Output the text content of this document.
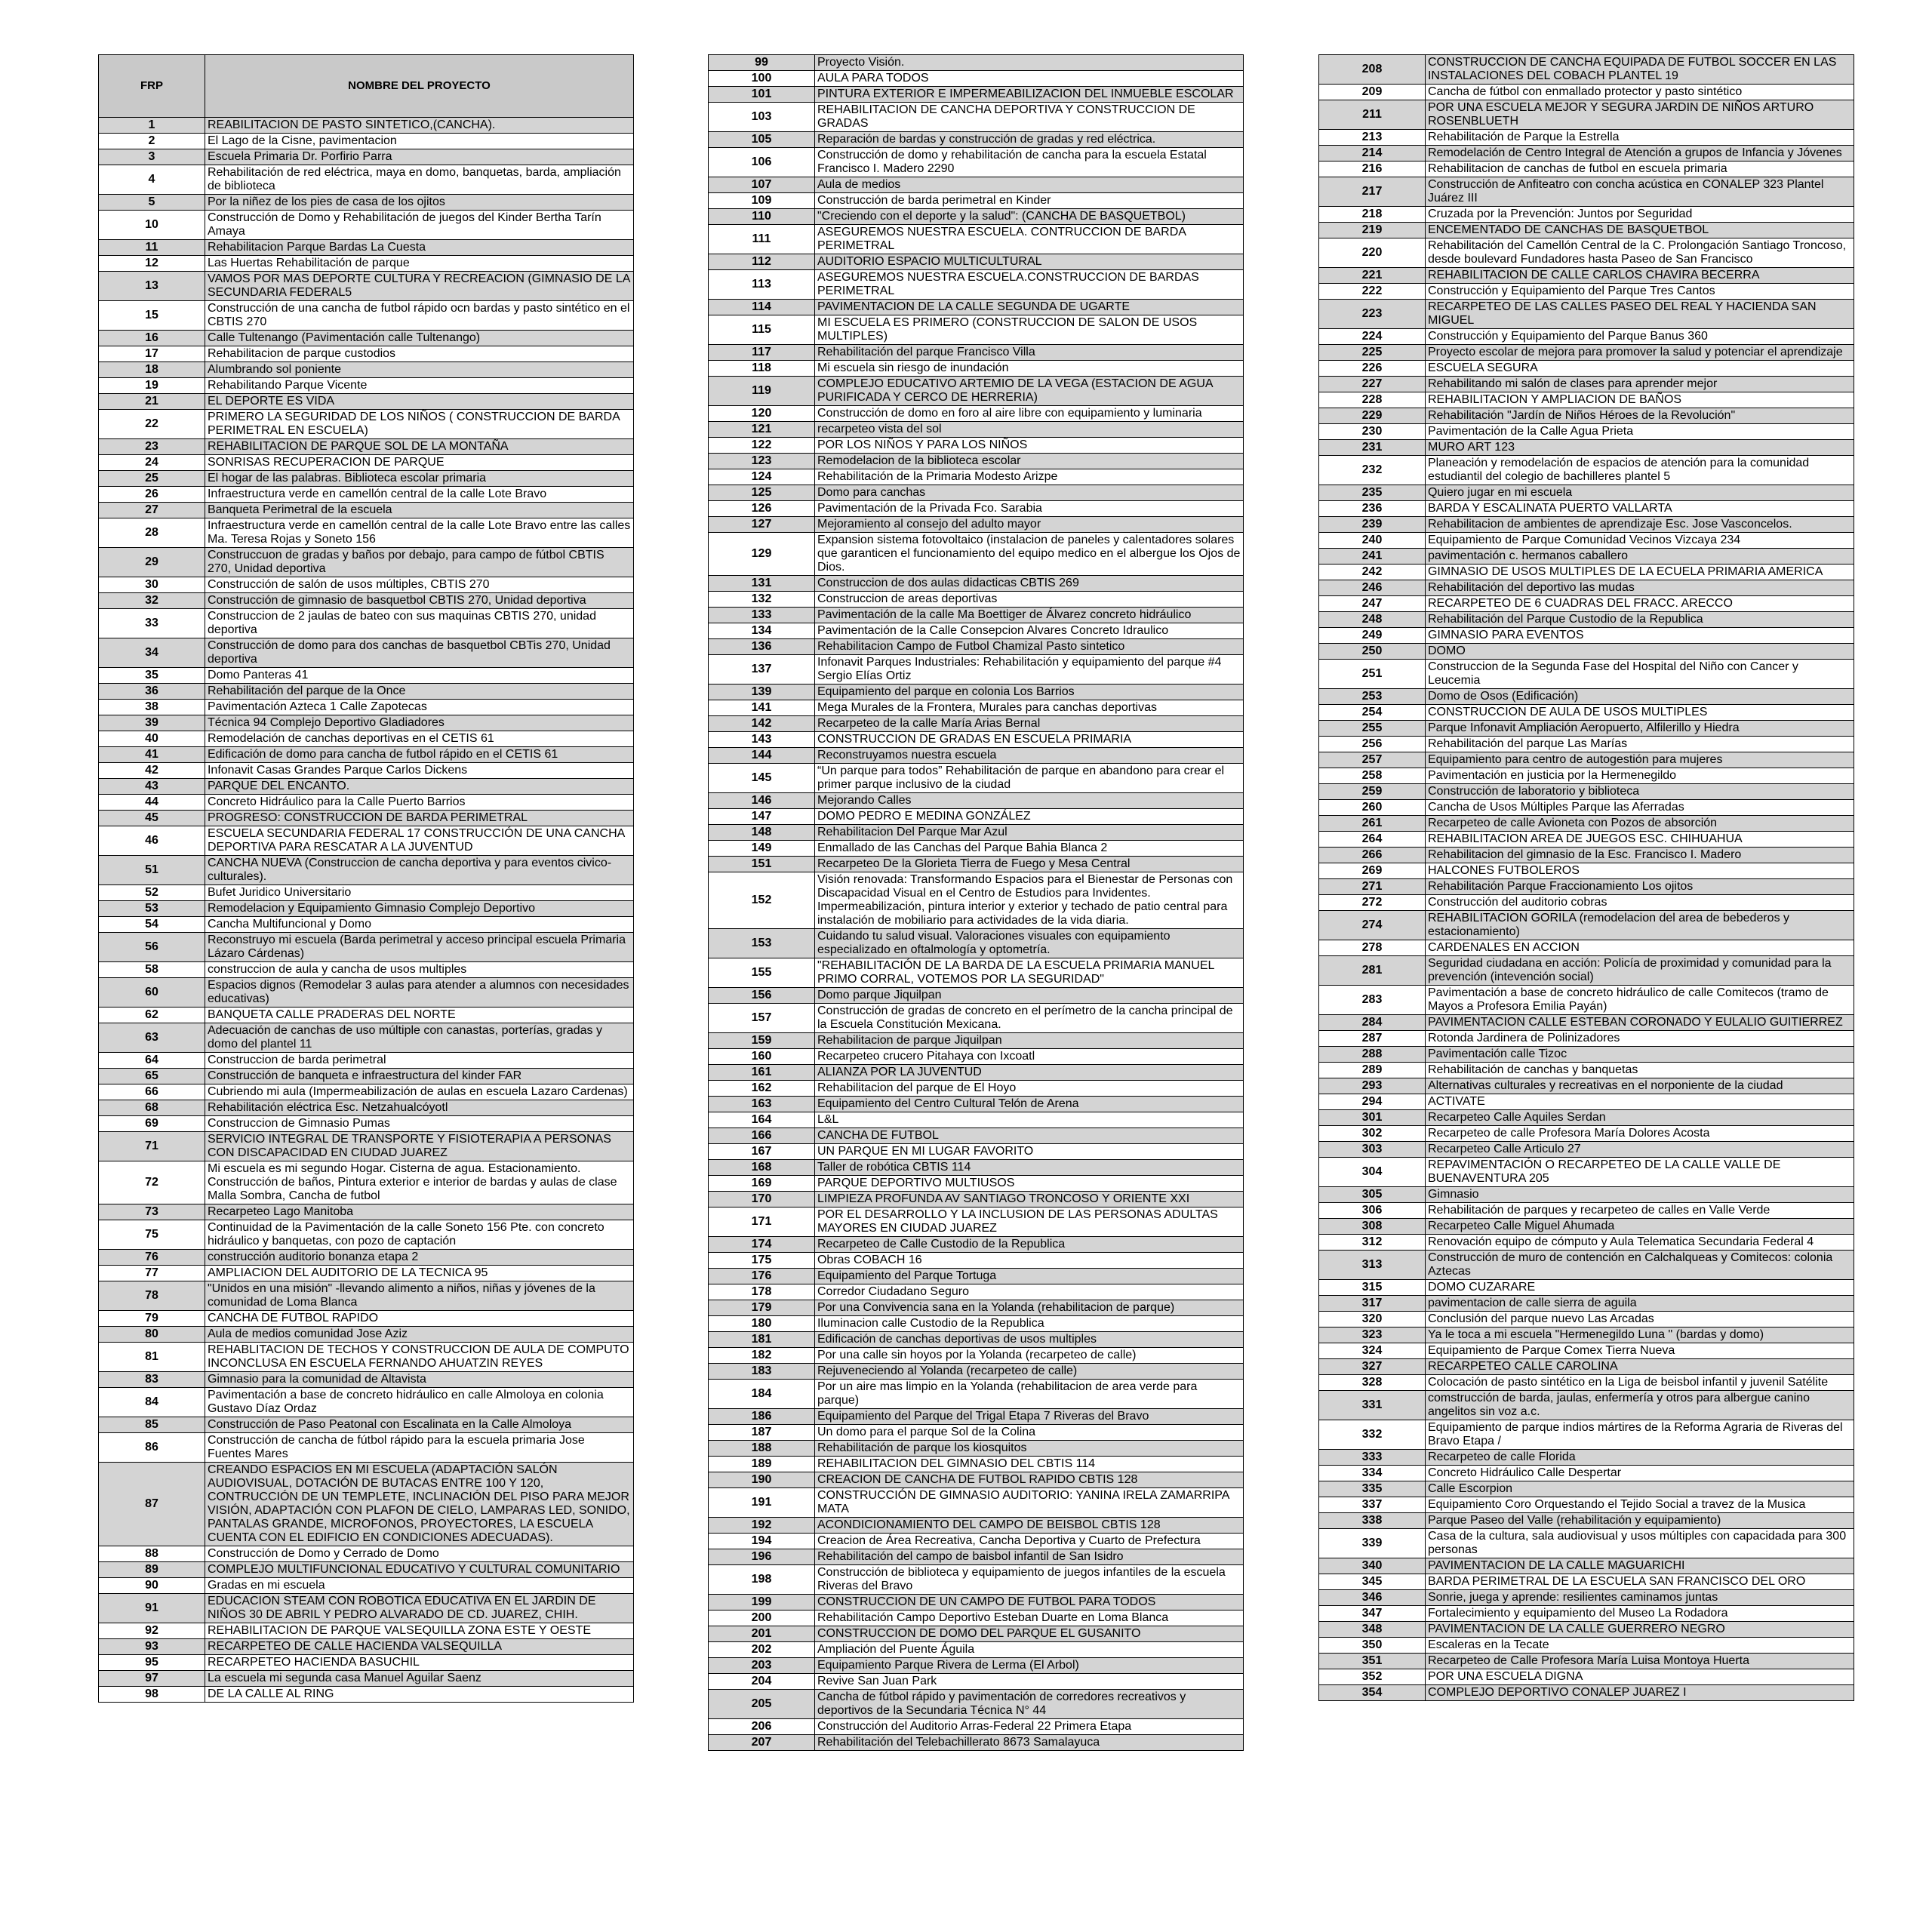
FRP	NOMBRE DEL PROYECTO
1	REABILITACION DE PASTO SINTETICO,(CANCHA).
2	El Lago de la Cisne, pavimentacion
3	Escuela Primaria Dr. Porfirio Parra
4	Rehabilitación de red eléctrica, maya en domo, banquetas, barda, ampliación de biblioteca
5	Por la niñez de los pies de casa de los ojitos
10	Construcción de Domo y Rehabilitación de juegos del Kinder Bertha Tarín Amaya
11	Rehabilitacion Parque Bardas La Cuesta
12	Las Huertas Rehabilitación de parque
13	VAMOS POR MAS DEPORTE CULTURA Y RECREACION (GIMNASIO DE LA SECUNDARIA FEDERAL5
15	Construcción de una cancha de futbol rápido ocn bardas y pasto sintético en el CBTIS 270
16	Calle Tultenango (Pavimentación calle Tultenango)
17	Rehabilitacion de parque custodios
18	Alumbrando sol poniente
19	Rehabilitando Parque Vicente
21	EL DEPORTE ES VIDA
22	PRIMERO LA SEGURIDAD DE LOS NIÑOS ( CONSTRUCCION DE BARDA PERIMETRAL EN ESCUELA)
23	REHABILITACION DE PARQUE SOL DE LA MONTAÑA
24	SONRISAS RECUPERACION DE PARQUE
25	El hogar de las palabras. Biblioteca escolar primaria
26	Infraestructura verde en camellón central de la calle Lote Bravo
27	Banqueta Perimetral de la escuela
28	Infraestructura verde en camellón central de la calle Lote Bravo entre las calles Ma. Teresa Rojas y Soneto 156
29	Construccuon de gradas y baños por debajo, para campo de fútbol CBTIS 270, Unidad deportiva
30	Construcción de salón de usos múltiples, CBTIS 270
32	Construcción de gimnasio de basquetbol CBTIS 270, Unidad deportiva
33	Construccion de 2 jaulas de bateo con sus maquinas CBTIS 270, unidad deportiva
34	Construcción de domo para dos canchas de basquetbol CBTis 270, Unidad deportiva
35	Domo Panteras 41
36	Rehabilitación del parque de la Once
38	Pavimentación Azteca 1 Calle Zapotecas
39	Técnica 94 Complejo Deportivo Gladiadores
40	Remodelación de canchas deportivas en el CETIS 61
41	Edificación de domo para cancha de futbol rápido en el CETIS 61
42	Infonavit Casas Grandes Parque Carlos Dickens
43	PARQUE DEL ENCANTO.
44	Concreto Hidráulico para la Calle Puerto Barrios
45	PROGRESO: CONSTRUCCION DE BARDA PERIMETRAL
46	ESCUELA SECUNDARIA FEDERAL 17 CONSTRUCCIÓN DE UNA CANCHA DEPORTIVA PARA RESCATAR A LA JUVENTUD
51	CANCHA NUEVA (Construccion de cancha deportiva y para eventos civico-culturales).
52	Bufet Juridico Universitario
53	Remodelacion y Equipamiento Gimnasio Complejo Deportivo
54	Cancha Multifuncional y Domo
56	Reconstruyo mi escuela (Barda perimetral y acceso principal escuela Primaria Lázaro Cárdenas)
58	construccion de aula y cancha de usos multiples
60	Espacios dignos (Remodelar 3 aulas para atender a alumnos con necesidades educativas)
62	BANQUETA CALLE PRADERAS DEL NORTE
63	Adecuación de canchas de uso múltiple con canastas, porterías, gradas y domo del plantel 11
64	Construccion de barda perimetral
65	Construcción de banqueta e infraestructura del kinder FAR
66	Cubriendo mi aula (Impermeabilización de aulas en escuela Lazaro Cardenas)
68	Rehabilitación eléctrica Esc. Netzahualcóyotl
69	Construccion de Gimnasio Pumas
71	SERVICIO INTEGRAL DE TRANSPORTE Y FISIOTERAPIA A PERSONAS CON DISCAPACIDAD EN CIUDAD JUAREZ
72	Mi escuela es mi segundo Hogar. Cisterna de agua. Estacionamiento. Construcción de baños, Pintura exterior e interior de bardas y aulas de clase Malla Sombra, Cancha de futbol
73	Recarpeteo Lago Manitoba
75	Continuidad de la Pavimentación de la calle Soneto 156 Pte. con concreto hidráulico y banquetas, con pozo de captación
76	construcción auditorio bonanza etapa 2
77	AMPLIACION DEL AUDITORIO DE LA TECNICA 95
78	"Unidos en una misión" -llevando alimento a niños, niñas y jóvenes de la comunidad de Loma Blanca
79	CANCHA DE FUTBOL RAPIDO
80	Aula de medios comunidad Jose Aziz
81	REHABLITACION DE TECHOS Y CONSTRUCCION DE AULA DE COMPUTO INCONCLUSA EN ESCUELA FERNANDO AHUATZIN REYES
83	Gimnasio para la comunidad de Altavista
84	Pavimentación a base de concreto hidráulico en calle Almoloya en colonia Gustavo Díaz Ordaz
85	Construcción de Paso Peatonal con Escalinata en la Calle Almoloya
86	Construcción de cancha de fútbol rápido para la escuela primaria Jose Fuentes Mares
87	CREANDO ESPACIOS EN MI ESCUELA (ADAPTACIÓN SALÓN AUDIOVISUAL, DOTACIÓN DE BUTACAS ENTRE 100 Y 120, CONTRUCCIÓN DE UN TEMPLETE, INCLINACIÓN DEL PISO PARA MEJOR VISIÓN, ADAPTACIÓN CON PLAFON DE CIELO, LAMPARAS LED, SONIDO, PANTALAS GRANDE, MICROFONOS, PROYECTORES, LA ESCUELA CUENTA CON EL EDIFICIO EN CONDICIONES ADECUADAS).
88	Construcción de Domo y Cerrado de Domo
89	COMPLEJO MULTIFUNCIONAL EDUCATIVO Y CULTURAL COMUNITARIO
90	Gradas en mi escuela
91	EDUCACION STEAM CON ROBOTICA EDUCATIVA EN EL JARDIN DE NIÑOS 30 DE ABRIL Y PEDRO ALVARADO DE CD. JUAREZ, CHIH.
92	REHABILITACION DE PARQUE VALSEQUILLA ZONA ESTE Y OESTE
93	RECARPETEO DE CALLE HACIENDA VALSEQUILLA
95	RECARPETEO HACIENDA BASUCHIL
97	La escuela mi segunda casa Manuel Aguilar Saenz
98	DE LA CALLE AL RING
99	Proyecto Visión.
100	AULA PARA TODOS
101	PINTURA EXTERIOR E IMPERMEABILIZACION DEL INMUEBLE ESCOLAR
103	REHABILITACION DE CANCHA DEPORTIVA Y CONSTRUCCION DE GRADAS
105	Reparación de bardas y construcción de gradas y red eléctrica.
106	Construcción de domo y rehabilitación de cancha para la escuela Estatal Francisco I. Madero 2290
107	Aula de medios
109	Construcción de barda perimetral en Kinder
110	"Creciendo con el deporte y la salud": (CANCHA DE BASQUETBOL)
111	ASEGUREMOS NUESTRA ESCUELA. CONTRUCCION DE BARDA PERIMETRAL
112	AUDITORIO ESPACIO MULTICULTURAL
113	ASEGUREMOS NUESTRA ESCUELA.CONSTRUCCION DE BARDAS PERIMETRAL
114	PAVIMENTACION DE LA CALLE SEGUNDA DE UGARTE
115	MI ESCUELA ES PRIMERO (CONSTRUCCION DE SALON DE USOS MULTIPLES)
117	Rehabilitación del parque Francisco Villa
118	Mi escuela sin riesgo de inundación
119	COMPLEJO EDUCATIVO ARTEMIO DE LA VEGA (ESTACION DE AGUA PURIFICADA Y CERCO DE HERRERIA)
120	Construcción de domo en foro al aire libre con equipamiento y luminaria
121	recarpeteo vista del sol
122	POR LOS NIÑOS Y PARA LOS NIÑOS
123	Remodelacion de la biblioteca escolar
124	Rehabilitación de la Primaria Modesto Arizpe
125	Domo para canchas
126	Pavimentación de la Privada Fco. Sarabia
127	Mejoramiento al consejo del adulto mayor
129	Expansion sistema fotovoltaico (instalacion de paneles y calentadores solares que garanticen el funcionamiento del equipo medico en el albergue los Ojos de Dios.
131	Construccion de dos aulas didacticas CBTIS 269
132	Construccion de areas deportivas
133	Pavimentación de la calle Ma Boettiger de Álvarez concreto hidráulico
134	Pavimentación de la Calle Consepcion Alvares Concreto Idraulico
136	Rehabilitacion Campo de Futbol Chamizal Pasto sintetico
137	Infonavit Parques Industriales: Rehabilitación y equipamiento del parque #4 Sergio Elías Ortiz
139	Equipamiento del parque en colonia Los Barrios
141	Mega Murales de la Frontera, Murales para canchas deportivas
142	Recarpeteo de la calle María Arias Bernal
143	CONSTRUCCION DE GRADAS EN ESCUELA PRIMARIA
144	Reconstruyamos nuestra escuela
145	“Un parque para todos” Rehabilitación de parque en abandono para crear el primer parque inclusivo de la ciudad
146	Mejorando Calles
147	DOMO PEDRO E MEDINA GONZÁLEZ
148	Rehabilitacion Del Parque Mar Azul
149	Enmallado de las Canchas del Parque Bahia Blanca 2
151	Recarpeteo De la Glorieta Tierra de Fuego y Mesa Central
152	Visión renovada: Transformando Espacios para el Bienestar de Personas con Discapacidad Visual en el Centro de Estudios para Invidentes. Impermeabilización, pintura interior y exterior y techado de patio central para instalación de mobiliario para actividades de la vida diaria.
153	Cuidando tu salud visual. Valoraciones visuales con equipamiento especializado en oftalmología y optometría.
155	"REHABILITACIÓN DE LA BARDA DE LA ESCUELA PRIMARIA MANUEL PRIMO CORRAL, VOTEMOS POR LA SEGURIDAD"
156	Domo parque Jiquilpan
157	Construcción de gradas de concreto en el perímetro de la cancha principal de la Escuela Constitución Mexicana.
159	Rehabilitacion de parque Jiquilpan
160	Recarpeteo crucero Pitahaya con Ixcoatl
161	ALIANZA POR LA JUVENTUD
162	Rehabilitacion del parque de El Hoyo
163	Equipamiento del Centro Cultural Telón de Arena
164	L&L
166	CANCHA DE FUTBOL
167	UN PARQUE EN MI LUGAR FAVORITO
168	Taller de robótica CBTIS 114
169	PARQUE DEPORTIVO MULTIUSOS
170	LIMPIEZA PROFUNDA AV SANTIAGO TRONCOSO Y ORIENTE XXI
171	POR EL DESARROLLO Y LA INCLUSION DE LAS PERSONAS ADULTAS MAYORES EN CIUDAD JUAREZ
174	Recarpeteo de Calle Custodio de la Republica
175	Obras COBACH 16
176	Equipamiento del Parque Tortuga
178	Corredor Ciudadano Seguro
179	Por una Convivencia sana en la Yolanda (rehabilitacion de parque)
180	Iluminacion calle Custodio de la Republica
181	Edificación de canchas deportivas de usos multiples
182	Por una calle sin hoyos por la Yolanda (recarpeteo de calle)
183	Rejuveneciendo al Yolanda (recarpeteo de calle)
184	Por un aire mas limpio en la Yolanda (rehabilitacion de area verde para parque)
186	Equipamiento del Parque del Trigal Etapa 7 Riveras del Bravo
187	Un domo para el parque Sol de la Colina
188	Rehabilitación de parque los kiosquitos
189	REHABILITACION DEL GIMNASIO DEL CBTIS 114
190	CREACION DE CANCHA DE FUTBOL RAPIDO CBTIS 128
191	CONSTRUCCIÓN DE GIMNASIO AUDITORIO: YANINA IRELA ZAMARRIPA MATA
192	ACONDICIONAMIENTO DEL CAMPO DE BEISBOL CBTIS 128
194	Creacion de Área Recreativa, Cancha Deportiva y Cuarto de Prefectura
196	Rehabilitación del campo de baisbol infantil de San Isidro
198	Construcción de biblioteca y equipamiento de juegos infantiles de la escuela Riveras del Bravo
199	CONSTRUCCION DE UN CAMPO DE FUTBOL PARA TODOS
200	Rehabilitación Campo Deportivo Esteban Duarte en Loma Blanca
201	CONSTRUCCION DE DOMO DEL PARQUE EL GUSANITO
202	Ampliación del Puente Águila
203	Equipamiento Parque Rivera de Lerma (El Arbol)
204	Revive San Juan Park
205	Cancha de fútbol rápido y pavimentación de corredores recreativos y deportivos de la Secundaria Técnica N° 44
206	Construcción del Auditorio Arras-Federal 22 Primera Etapa
207	Rehabilitación del Telebachillerato 8673 Samalayuca
208	CONSTRUCCION DE CANCHA EQUIPADA DE FUTBOL SOCCER EN LAS INSTALACIONES DEL COBACH PLANTEL 19
209	Cancha de fútbol con enmallado protector y pasto sintético
211	POR UNA ESCUELA MEJOR Y SEGURA JARDIN DE NIÑOS ARTURO ROSENBLUETH
213	Rehabilitación de Parque la Estrella
214	Remodelación de Centro Integral de Atención a grupos de Infancia y Jóvenes
216	Rehabilitacion de canchas de futbol en escuela primaria
217	Construcción de Anfiteatro con concha acústica en CONALEP 323 Plantel Juárez III
218	Cruzada por la Prevención: Juntos por Seguridad
219	ENCEMENTADO DE CANCHAS DE BASQUETBOL
220	Rehabilitación del Camellón Central de la C. Prolongación Santiago Troncoso, desde boulevard Fundadores hasta Paseo de San Francisco
221	REHABILITACION DE CALLE CARLOS CHAVIRA BECERRA
222	Construcción y Equipamiento del Parque Tres Cantos
223	RECARPETEO DE LAS CALLES PASEO DEL REAL Y HACIENDA SAN MIGUEL
224	Construcción y Equipamiento del Parque Banus 360
225	Proyecto escolar de mejora para promover la salud y potenciar el aprendizaje
226	ESCUELA SEGURA
227	Rehabilitando mi salón de clases para aprender mejor
228	REHABILITACION Y AMPLIACION DE BAÑOS
229	Rehabilitación "Jardín de Niños Héroes de la Revolución"
230	Pavimentación de la Calle Agua Prieta
231	MURO ART 123
232	Planeación y remodelación de espacios de atención para la comunidad estudiantil del colegio de bachilleres plantel 5
235	Quiero jugar en mi escuela
236	BARDA Y ESCALINATA PUERTO VALLARTA
239	Rehabilitacion de ambientes de aprendizaje Esc. Jose Vasconcelos.
240	Equipamiento de Parque Comunidad Vecinos Vizcaya 234
241	pavimentación c. hermanos caballero
242	GIMNASIO DE USOS MULTIPLES DE LA ECUELA PRIMARIA AMERICA
246	Rehabilitación del deportivo las mudas
247	RECARPETEO DE 6 CUADRAS DEL FRACC. ARECCO
248	Rehabilitación del Parque Custodio de la Republica
249	GIMNASIO PARA EVENTOS
250	DOMO
251	Construccion de la Segunda Fase del Hospital del Niño con Cancer y Leucemia
253	Domo de Osos (Edificación)
254	CONSTRUCCION DE AULA DE USOS MULTIPLES
255	Parque Infonavit Ampliación Aeropuerto, Alfilerillo y Hiedra
256	Rehabilitación del parque Las Marías
257	Equipamiento para centro de autogestión para mujeres
258	Pavimentación en justicia por la Hermenegildo
259	Construcción de laboratorio y biblioteca
260	Cancha de Usos Múltiples Parque las Aferradas
261	Recarpeteo de calle Avioneta con Pozos de absorción
264	REHABILITACION AREA DE JUEGOS ESC. CHIHUAHUA
266	Rehabilitacion del gimnasio de la Esc. Francisco I. Madero
269	HALCONES FUTBOLEROS
271	Rehabilitación Parque Fraccionamiento Los ojitos
272	Construcción del auditorio cobras
274	REHABILITACION GORILA (remodelacion del area de bebederos y estacionamiento)
278	CARDENALES EN ACCION
281	Seguridad ciudadana en acción: Policía de proximidad y comunidad para la prevención (intevención social)
283	Pavimentación a base de concreto hidráulico de calle Comitecos (tramo de Mayos a Profesora Emilia Payán)
284	PAVIMENTACION CALLE ESTEBAN CORONADO Y EULALIO GUITIERREZ
287	Rotonda Jardinera de Polinizadores
288	Pavimentación calle Tizoc
289	Rehabilitación de canchas y banquetas
293	Alternativas culturales y recreativas en el norponiente de la ciudad
294	ACTIVATE
301	Recarpeteo Calle Aquiles Serdan
302	Recarpeteo de calle Profesora María Dolores Acosta
303	Recarpeteo Calle Articulo 27
304	REPAVIMENTACIÓN O RECARPETEO DE LA CALLE VALLE DE BUENAVENTURA 205
305	Gimnasio
306	Rehabilitación de parques y recarpeteo de calles en Valle Verde
308	Recarpeteo Calle Miguel Ahumada
312	Renovación equipo de cómputo y Aula Telematica Secundaria Federal 4
313	Construcción de muro de contención en Calchalqueas y Comitecos: colonia Aztecas
315	DOMO CUZARARE
317	pavimentacion de calle sierra de aguila
320	Conclusión del parque nuevo Las Arcadas
323	Ya le toca a mi escuela "Hermenegildo Luna " (bardas y domo)
324	Equipamiento de Parque Comex Tierra Nueva
327	RECARPETEO CALLE CAROLINA
328	Colocación de pasto sintético en la Liga de beisbol infantil y juvenil Satélite
331	comstrucción de barda, jaulas, enfermería y otros para albergue canino angelitos sin voz a.c.
332	Equipamiento de parque indios mártires de la Reforma Agraria de Riveras del Bravo Etapa /
333	Recarpeteo de calle Florida
334	Concreto Hidráulico Calle Despertar
335	Calle Escorpion
337	Equipamiento Coro Orquestando el Tejido Social a travez de la Musica
338	Parque Paseo del Valle (rehabilitación y equipamiento)
339	Casa de la cultura, sala audiovisual y usos múltiples con capacidada para 300 personas
340	PAVIMENTACION DE LA CALLE MAGUARICHI
345	BARDA PERIMETRAL DE LA ESCUELA SAN FRANCISCO DEL ORO
346	Sonrie, juega y aprende: resilientes caminamos juntas
347	Fortalecimiento y equipamiento del Museo La Rodadora
348	PAVIMENTACION DE LA CALLE GUERRERO NEGRO
350	Escaleras en la Tecate
351	Recarpeteo de Calle Profesora María Luisa Montoya Huerta
352	POR UNA ESCUELA DIGNA
354	COMPLEJO DEPORTIVO CONALEP JUAREZ I
